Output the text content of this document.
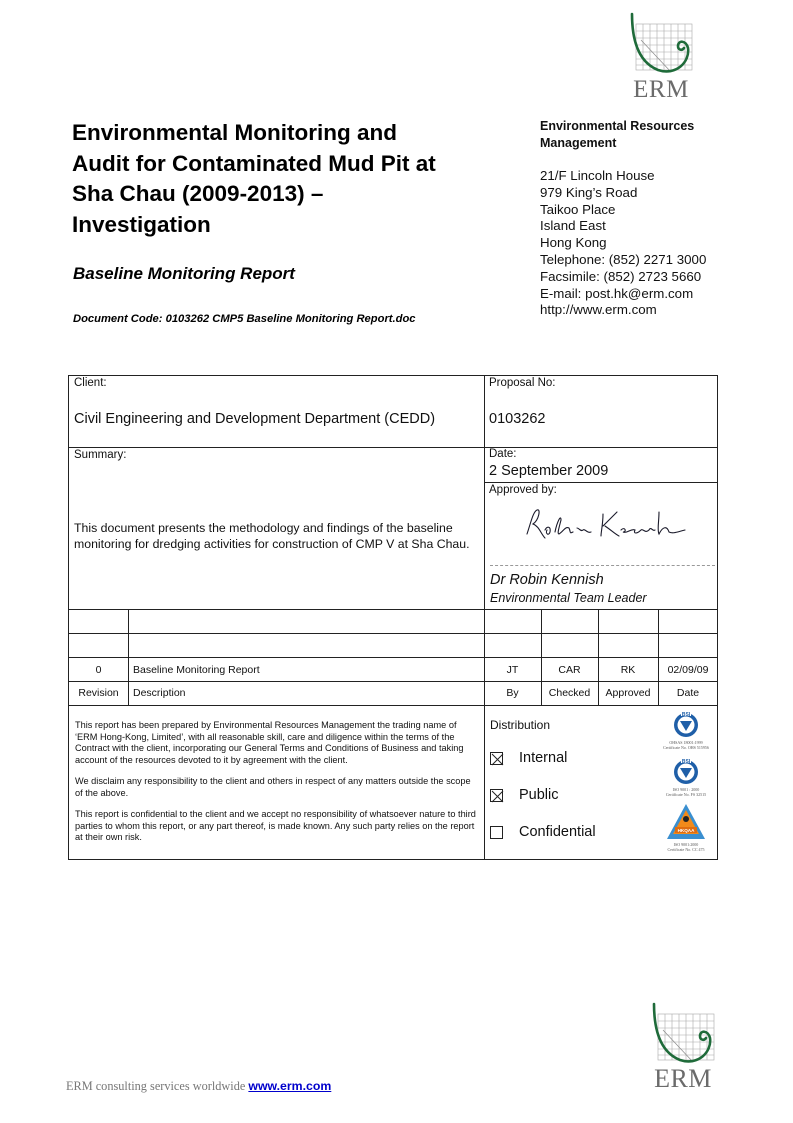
ERM
Environmental Monitoring and
Audit for Contaminated Mud Pit at
Sha Chau (2009-2013) –
Investigation
Baseline Monitoring Report
Document Code: 0103262 CMP5 Baseline Monitoring Report.doc
Environmental Resources
Management
21/F Lincoln House
979 King’s Road
Taikoo Place
Island East
Hong Kong
Telephone: (852) 2271 3000
Facsimile: (852) 2723 5660
E-mail: post.hk@erm.com
http://www.erm.com
Client:
Civil Engineering and Development Department (CEDD)
Proposal No:
0103262
Summary:
This document presents the methodology and findings of the baseline monitoring for dredging activities for construction of CMP V at Sha Chau.
Date:
2 September 2009
Approved by:
Dr Robin Kennish
Environmental Team Leader
0	Baseline Monitoring Report	JT	CAR	RK	02/09/09
Revision	Description	By	Checked	Approved	Date

This report has been prepared by Environmental Resources Management the trading name of ‘ERM Hong-Kong, Limited’, with all reasonable skill, care and diligence within the terms of the Contract with the client, incorporating our General Terms and Conditions of Business and taking account of the resources devoted to it by agreement with the client.

We disclaim any responsibility to the client and others in respect of any matters outside the scope of the above.

This report is confidential to the client and we accept no responsibility of whatsoever nature to third parties to whom this report, or any part thereof, is made known. Any such party relies on the report at their own risk.

Distribution
Internal
Public
Confidential
BSI
OHSAS 18001:1999
Certificate No. OHS 515956
BSI
ISO 9001 : 2000
Certificate No. FS 32515
HKQAA
ISO 9001:2000
Certificate No. CC 475
ERM consulting services worldwide www.erm.com	ERM
